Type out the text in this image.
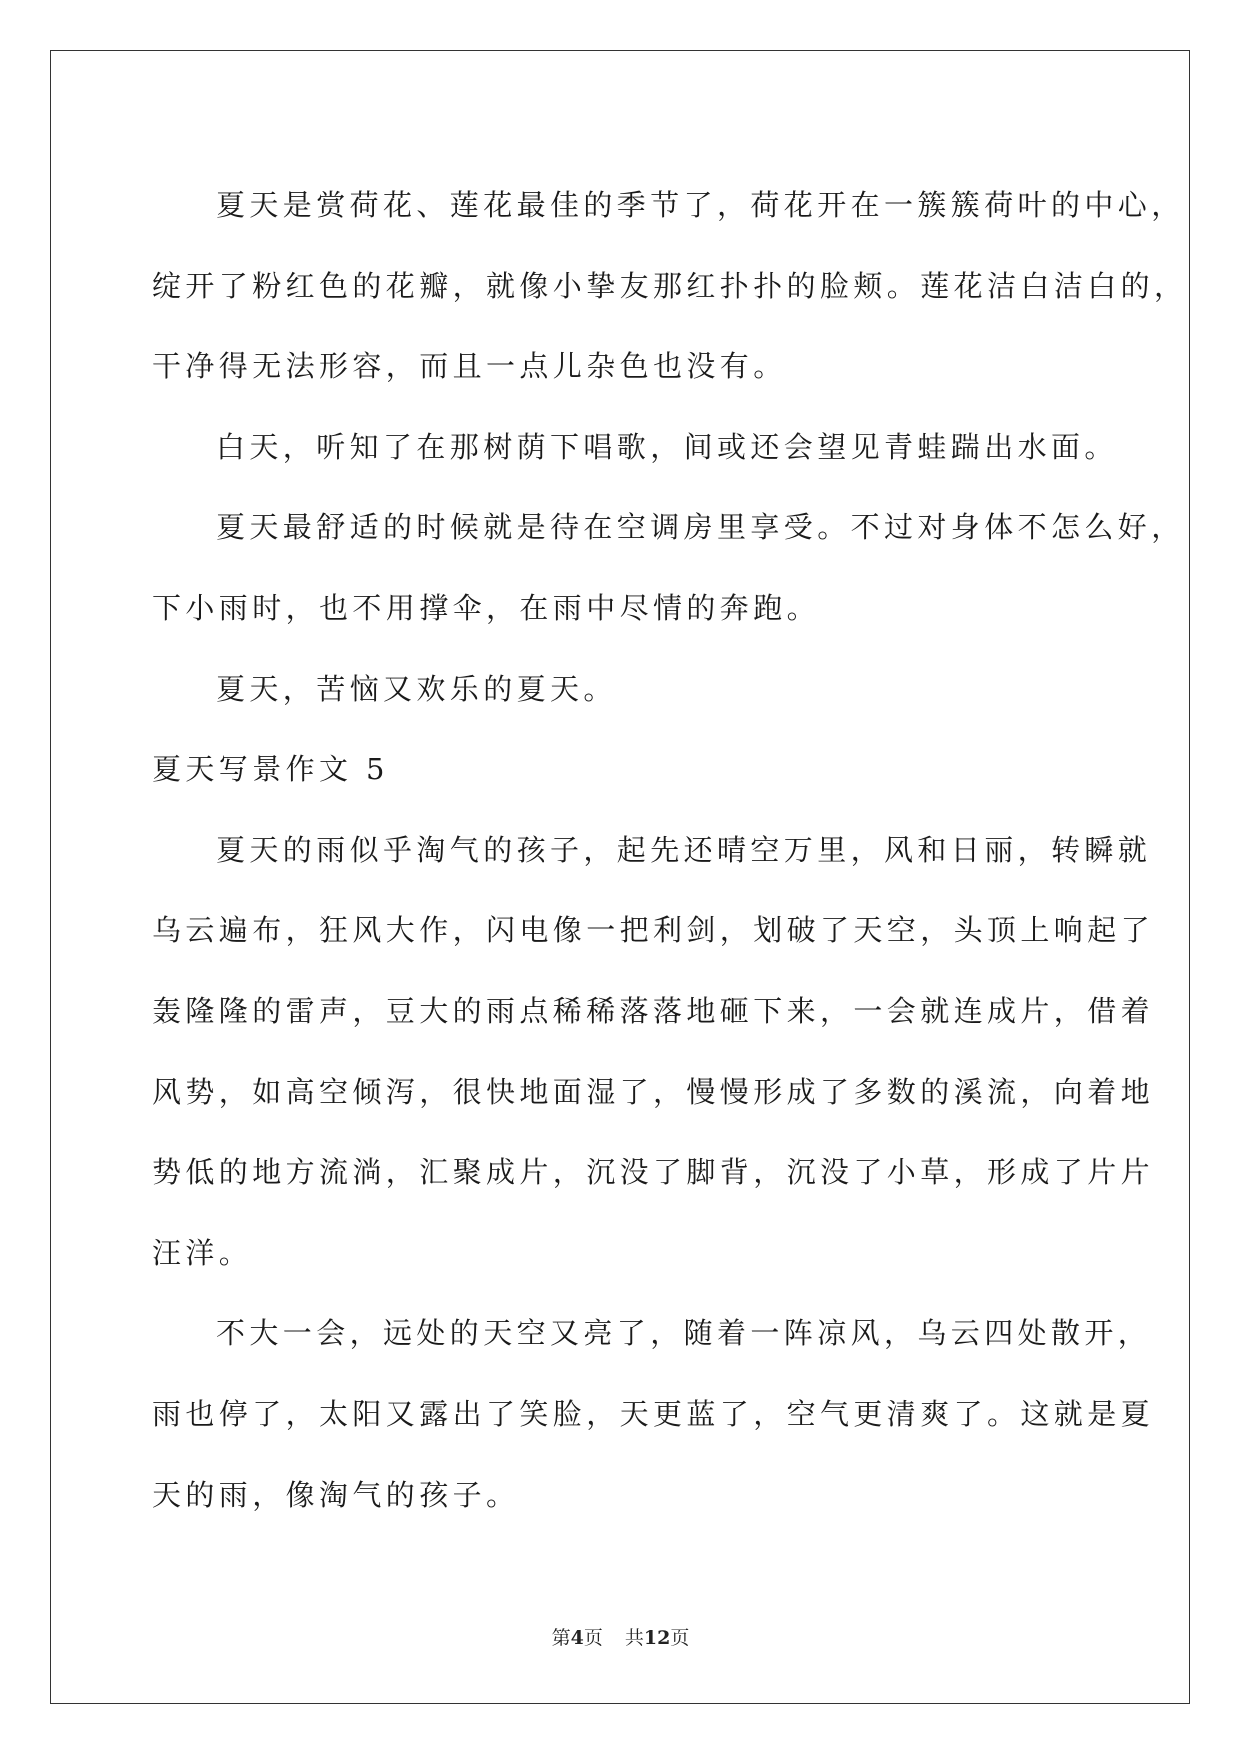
夏天是赏荷花、莲花最佳的季节了，荷花开在一簇簇荷叶的中心，
绽开了粉红色的花瓣，就像小挚友那红扑扑的脸颊。莲花洁白洁白的，
干净得无法形容，而且一点儿杂色也没有。
白天，听知了在那树荫下唱歌，间或还会望见青蛙踹出水面。
夏天最舒适的时候就是待在空调房里享受。不过对身体不怎么好，
下小雨时，也不用撑伞，在雨中尽情的奔跑。
夏天，苦恼又欢乐的夏天。
夏天写景作文 5
夏天的雨似乎淘气的孩子，起先还晴空万里，风和日丽，转瞬就
乌云遍布，狂风大作，闪电像一把利剑，划破了天空，头顶上响起了
轰隆隆的雷声，豆大的雨点稀稀落落地砸下来，一会就连成片，借着
风势，如高空倾泻，很快地面湿了，慢慢形成了多数的溪流，向着地
势低的地方流淌，汇聚成片，沉没了脚背，沉没了小草，形成了片片
汪洋。
不大一会，远处的天空又亮了，随着一阵凉风，乌云四处散开，
雨也停了，太阳又露出了笑脸，天更蓝了，空气更清爽了。这就是夏
天的雨，像淘气的孩子。
第4页 共12页
